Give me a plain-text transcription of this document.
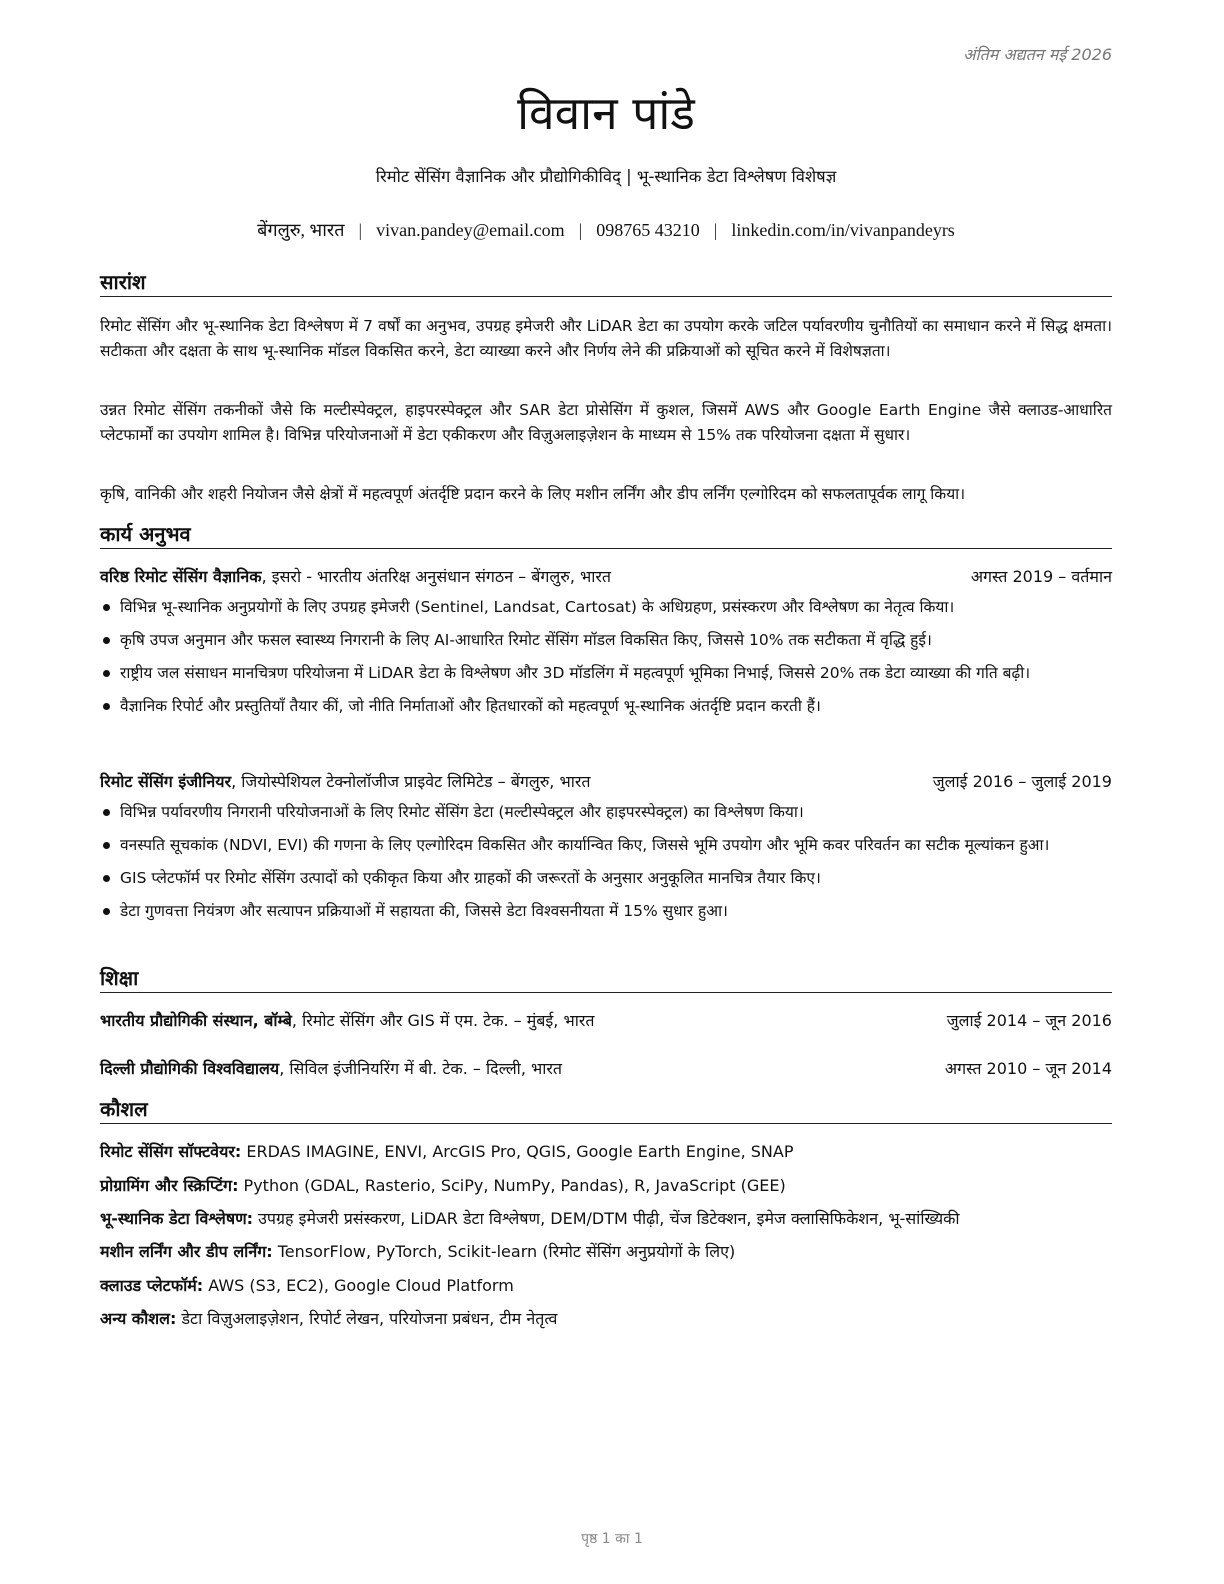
अंतिम अद्यतन मई 2026
विवान पांडे
रिमोट सेंसिंग वैज्ञानिक और प्रौद्योगिकीविद् | भू-स्थानिक डेटा विश्लेषण विशेषज्ञ
बेंगलुरु, भारत | vivan.pandey@email.com | 098765 43210 | linkedin.com/in/vivanpandeyrs
सारांश
रिमोट सेंसिंग और भू-स्थानिक डेटा विश्लेषण में 7 वर्षों का अनुभव, उपग्रह इमेजरी और LiDAR डेटा का उपयोग करके जटिल पर्यावरणीय चुनौतियों का समाधान करने में सिद्ध क्षमता। सटीकता और दक्षता के साथ भू-स्थानिक मॉडल विकसित करने, डेटा व्याख्या करने और निर्णय लेने की प्रक्रियाओं को सूचित करने में विशेषज्ञता।
उन्नत रिमोट सेंसिंग तकनीकों जैसे कि मल्टीस्पेक्ट्रल, हाइपरस्पेक्ट्रल और SAR डेटा प्रोसेसिंग में कुशल, जिसमें AWS और Google Earth Engine जैसे क्लाउड-आधारित प्लेटफार्मों का उपयोग शामिल है। विभिन्न परियोजनाओं में डेटा एकीकरण और विज़ुअलाइज़ेशन के माध्यम से 15% तक परियोजना दक्षता में सुधार।
कृषि, वानिकी और शहरी नियोजन जैसे क्षेत्रों में महत्वपूर्ण अंतर्दृष्टि प्रदान करने के लिए मशीन लर्निंग और डीप लर्निंग एल्गोरिदम को सफलतापूर्वक लागू किया।
कार्य अनुभव
वरिष्ठ रिमोट सेंसिंग वैज्ञानिक, इसरो - भारतीय अंतरिक्ष अनुसंधान संगठन – बेंगलुरु, भारत	अगस्त 2019 – वर्तमान
विभिन्न भू-स्थानिक अनुप्रयोगों के लिए उपग्रह इमेजरी (Sentinel, Landsat, Cartosat) के अधिग्रहण, प्रसंस्करण और विश्लेषण का नेतृत्व किया।
कृषि उपज अनुमान और फसल स्वास्थ्य निगरानी के लिए AI-आधारित रिमोट सेंसिंग मॉडल विकसित किए, जिससे 10% तक सटीकता में वृद्धि हुई।
राष्ट्रीय जल संसाधन मानचित्रण परियोजना में LiDAR डेटा के विश्लेषण और 3D मॉडलिंग में महत्वपूर्ण भूमिका निभाई, जिससे 20% तक डेटा व्याख्या की गति बढ़ी।
वैज्ञानिक रिपोर्ट और प्रस्तुतियाँ तैयार कीं, जो नीति निर्माताओं और हितधारकों को महत्वपूर्ण भू-स्थानिक अंतर्दृष्टि प्रदान करती हैं।
रिमोट सेंसिंग इंजीनियर, जियोस्पेशियल टेक्नोलॉजीज प्राइवेट लिमिटेड – बेंगलुरु, भारत	जुलाई 2016 – जुलाई 2019
विभिन्न पर्यावरणीय निगरानी परियोजनाओं के लिए रिमोट सेंसिंग डेटा (मल्टीस्पेक्ट्रल और हाइपरस्पेक्ट्रल) का विश्लेषण किया।
वनस्पति सूचकांक (NDVI, EVI) की गणना के लिए एल्गोरिदम विकसित और कार्यान्वित किए, जिससे भूमि उपयोग और भूमि कवर परिवर्तन का सटीक मूल्यांकन हुआ।
GIS प्लेटफॉर्म पर रिमोट सेंसिंग उत्पादों को एकीकृत किया और ग्राहकों की जरूरतों के अनुसार अनुकूलित मानचित्र तैयार किए।
डेटा गुणवत्ता नियंत्रण और सत्यापन प्रक्रियाओं में सहायता की, जिससे डेटा विश्वसनीयता में 15% सुधार हुआ।
शिक्षा
भारतीय प्रौद्योगिकी संस्थान, बॉम्बे, रिमोट सेंसिंग और GIS में एम. टेक. – मुंबई, भारत	जुलाई 2014 – जून 2016
दिल्ली प्रौद्योगिकी विश्वविद्यालय, सिविल इंजीनियरिंग में बी. टेक. – दिल्ली, भारत	अगस्त 2010 – जून 2014
कौशल
रिमोट सेंसिंग सॉफ्टवेयर: ERDAS IMAGINE, ENVI, ArcGIS Pro, QGIS, Google Earth Engine, SNAP
प्रोग्रामिंग और स्क्रिप्टिंग: Python (GDAL, Rasterio, SciPy, NumPy, Pandas), R, JavaScript (GEE)
भू-स्थानिक डेटा विश्लेषण: उपग्रह इमेजरी प्रसंस्करण, LiDAR डेटा विश्लेषण, DEM/DTM पीढ़ी, चेंज डिटेक्शन, इमेज क्लासिफिकेशन, भू-सांख्यिकी
मशीन लर्निंग और डीप लर्निंग: TensorFlow, PyTorch, Scikit-learn (रिमोट सेंसिंग अनुप्रयोगों के लिए)
क्लाउड प्लेटफॉर्म: AWS (S3, EC2), Google Cloud Platform
अन्य कौशल: डेटा विज़ुअलाइज़ेशन, रिपोर्ट लेखन, परियोजना प्रबंधन, टीम नेतृत्व
पृष्ठ 1 का 1
